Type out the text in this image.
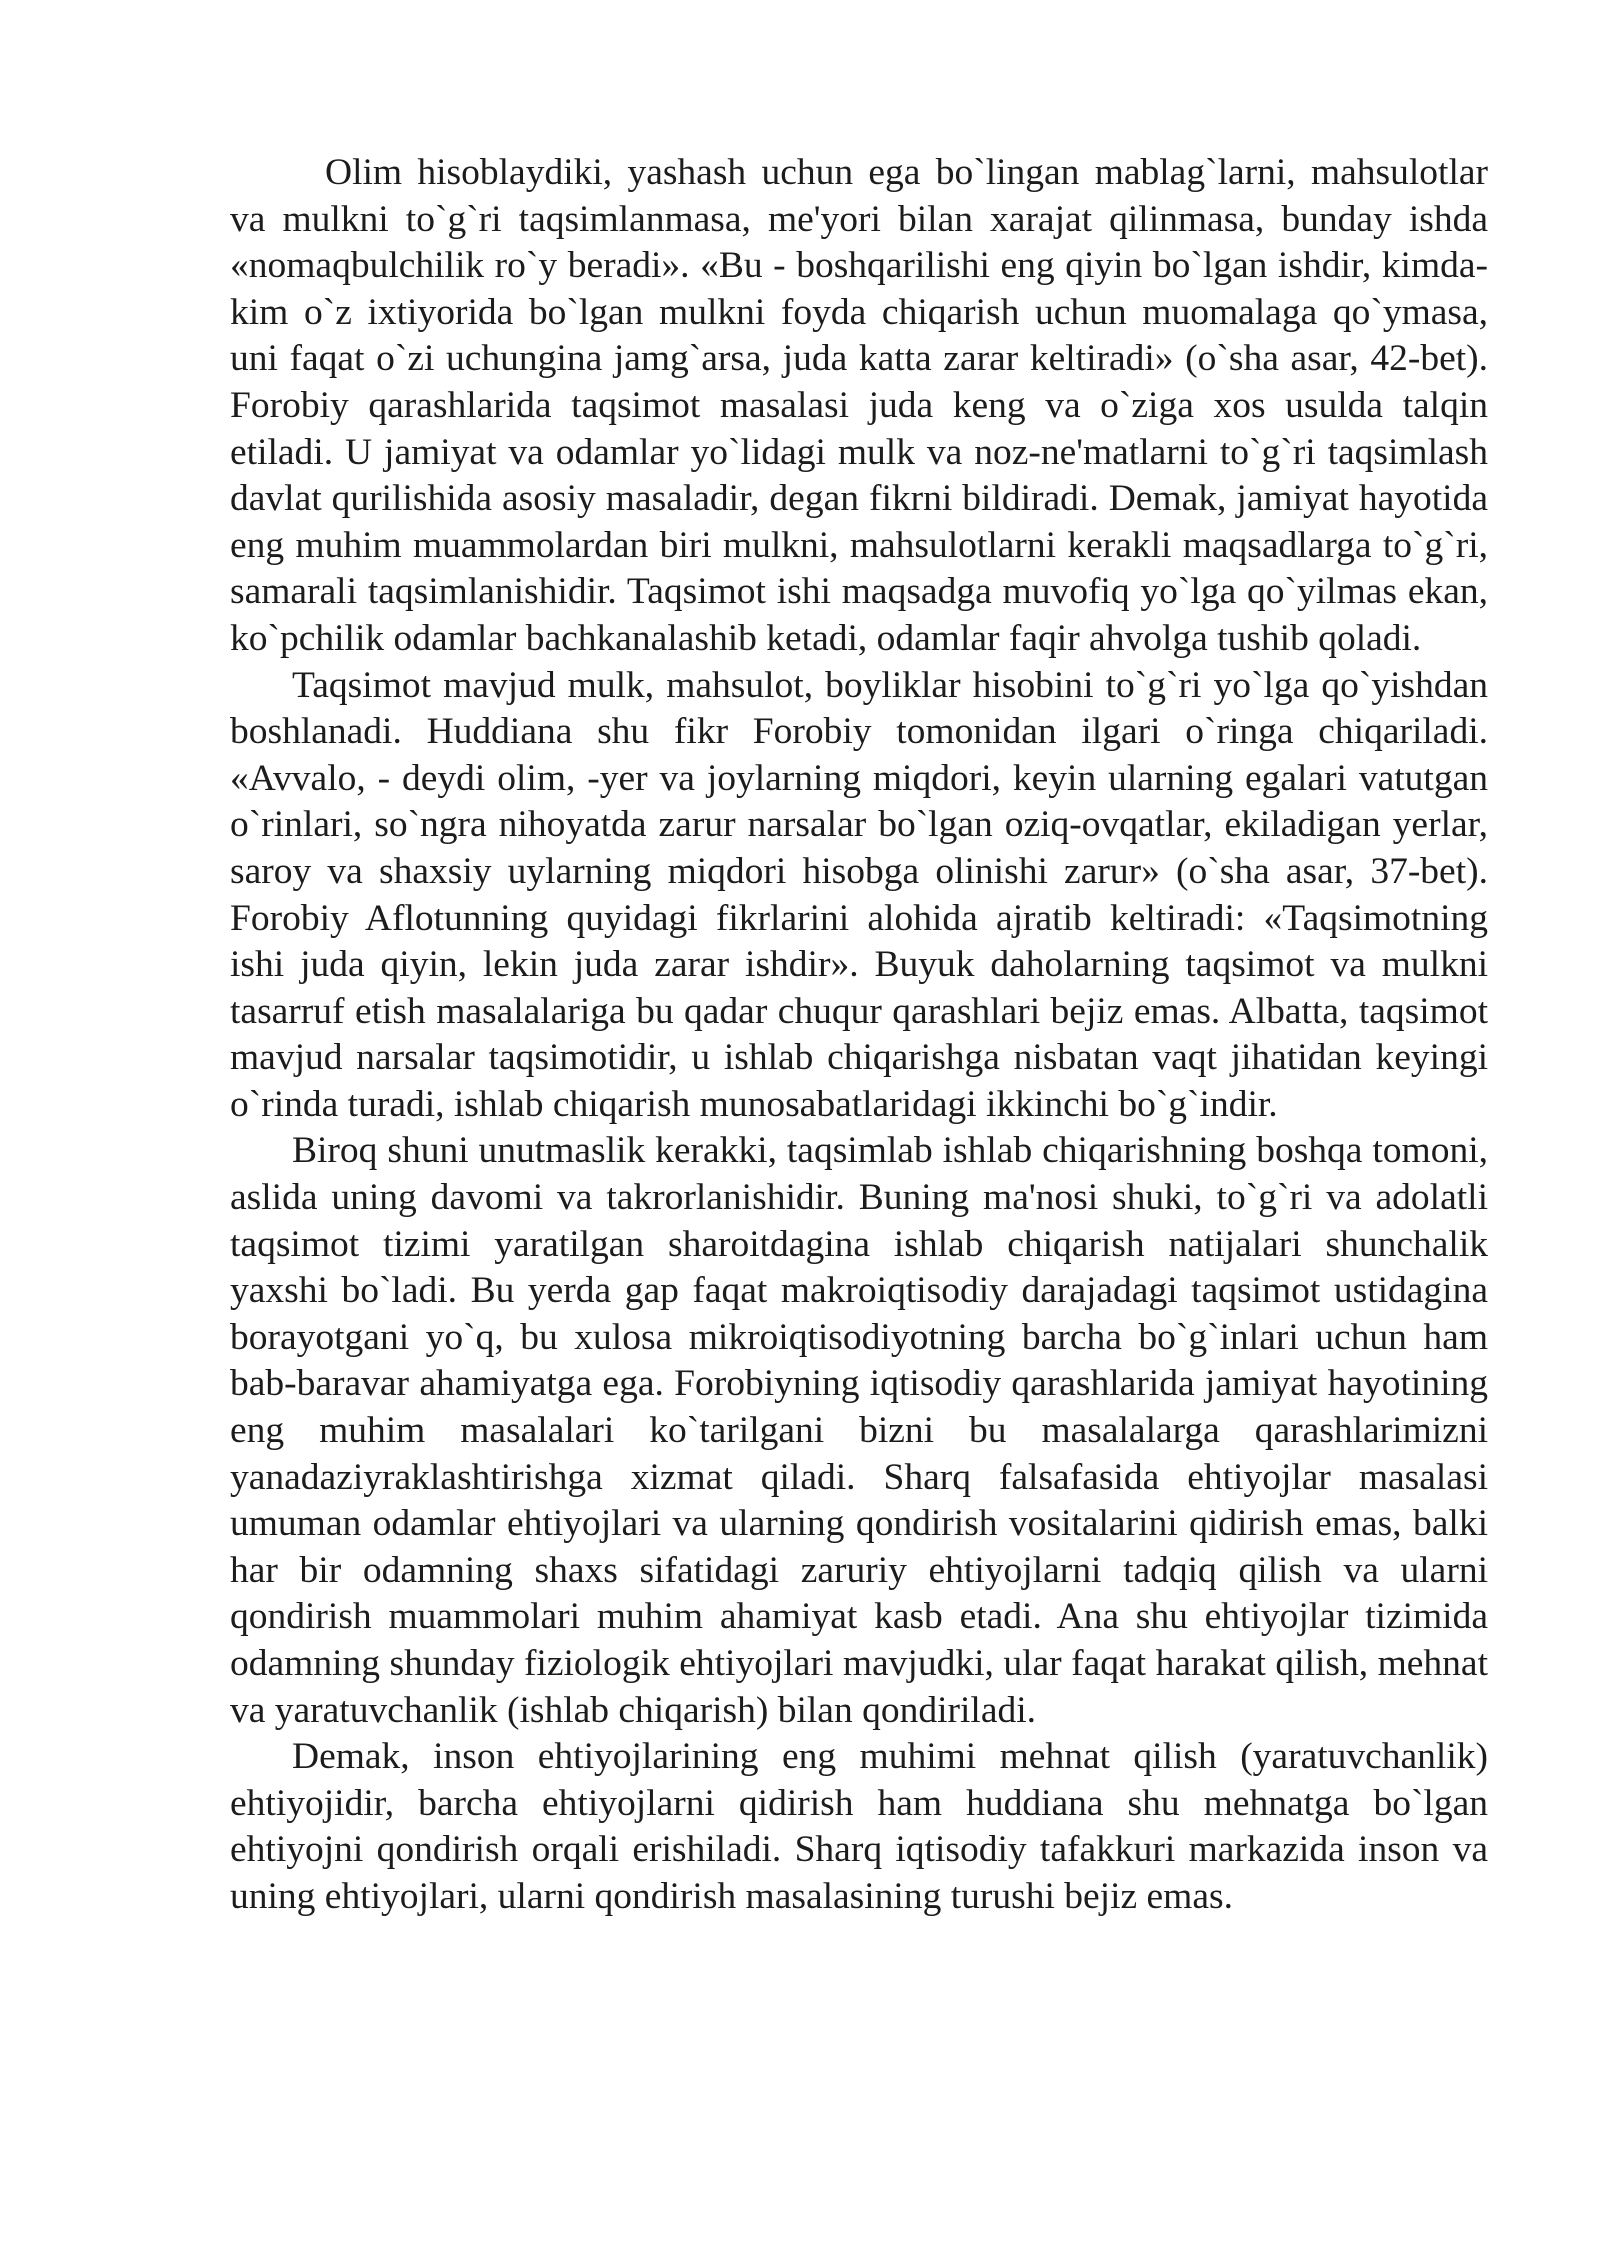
Olim hisoblaydiki, yashash uchun ega bo`lingan mablag`larni, mahsulotlar va mulkni to`g`ri taqsimlanmasa, me'yori bilan xarajat qilinmasa, bunday ishda «nomaqbulchilik ro`y beradi». «Bu - boshqarilishi eng qiyin bo`lgan ishdir, kimda-kim o`z ixtiyorida bo`lgan mulkni foyda chiqarish uchun muomalaga qo`ymasa, uni faqat o`zi uchungina jamg`arsa, juda katta zarar keltiradi» (o`sha asar, 42-bet). Forobiy qarashlarida taqsimot masalasi juda keng va o`ziga xos usulda talqin etiladi. U jamiyat va odamlar yo`lidagi mulk va noz-ne'matlarni to`g`ri taqsimlash davlat qurilishida asosiy masaladir, degan fikrni bildiradi. Demak, jamiyat hayotida eng muhim muammolardan biri mulkni, mahsulotlarni kerakli maqsadlarga to`g`ri, samarali taqsimlanishidir. Taqsimot ishi maqsadga muvofiq yo`lga qo`yilmas ekan, ko`pchilik odamlar bachkanalashib ketadi, odamlar faqir ahvolga tushib qoladi.

Taqsimot mavjud mulk, mahsulot, boyliklar hisobini to`g`ri yo`lga qo`yishdan boshlanadi. Huddiana shu fikr Forobiy tomonidan ilgari o`ringa chiqariladi. «Avvalo, - deydi olim, -yer va joylarning miqdori, keyin ularning egalari vatutgan o`rinlari, so`ngra nihoyatda zarur narsalar bo`lgan oziq-ovqatlar, ekiladigan yerlar, saroy va shaxsiy uylarning miqdori hisobga olinishi zarur» (o`sha asar, 37-bet). Forobiy Aflotunning quyidagi fikrlarini alohida ajratib keltiradi: «Taqsimotning ishi juda qiyin, lekin juda zarar ishdir». Buyuk daholarning taqsimot va mulkni tasarruf etish masalalariga bu qadar chuqur qarashlari bejiz emas. Albatta, taqsimot mavjud narsalar taqsimotidir, u ishlab chiqarishga nisbatan vaqt jihatidan keyingi o`rinda turadi, ishlab chiqarish munosabatlaridagi ikkinchi bo`g`indir.

Biroq shuni unutmaslik kerakki, taqsimlab ishlab chiqarishning boshqa tomoni, aslida uning davomi va takrorlanishidir. Buning ma'nosi shuki, to`g`ri va adolatli taqsimot tizimi yaratilgan sharoitdagina ishlab chiqarish natijalari shunchalik yaxshi bo`ladi. Bu yerda gap faqat makroiqtisodiy darajadagi taqsimot ustidagina borayotgani yo`q, bu xulosa mikroiqtisodiyotning barcha bo`g`inlari uchun ham bab-baravar ahamiyatga ega. Forobiyning iqtisodiy qarashlarida jamiyat hayotining eng muhim masalalari ko`tarilgani bizni bu masalalarga qarashlarimizni yanadaziyraklashtirishga xizmat qiladi. Sharq falsafasida ehtiyojlar masalasi umuman odamlar ehtiyojlari va ularning qondirish vositalarini qidirish emas, balki har bir odamning shaxs sifatidagi zaruriy ehtiyojlarni tadqiq qilish va ularni qondirish muammolari muhim ahamiyat kasb etadi. Ana shu ehtiyojlar tizimida odamning shunday fiziologik ehtiyojlari mavjudki, ular faqat harakat qilish, mehnat va yaratuvchanlik (ishlab chiqarish) bilan qondiriladi.

Demak, inson ehtiyojlarining eng muhimi mehnat qilish (yaratuvchanlik) ehtiyojidir, barcha ehtiyojlarni qidirish ham huddiana shu mehnatga bo`lgan ehtiyojni qondirish orqali erishiladi. Sharq iqtisodiy tafakkuri markazida inson va uning ehtiyojlari, ularni qondirish masalasining turushi bejiz emas.
